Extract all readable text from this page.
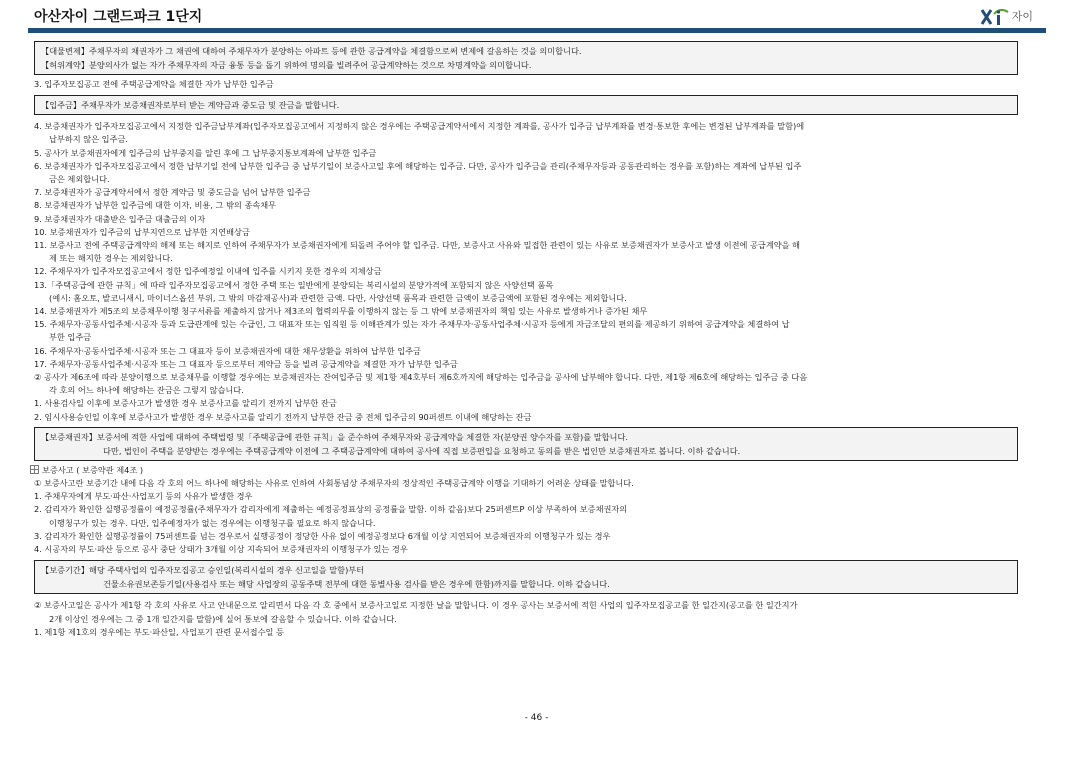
아산자이 그랜드파크 1단지	자이
【대물변제】주채무자의 채권자가 그 채권에 대하여 주채무자가 분양하는 아파트 등에 관한 공급계약을 체결함으로써 변제에 갈음하는 것을 의미합니다.
【허위계약】분양의사가 없는 자가 주채무자의 자금 융통 등을 돕기 위하여 명의를 빌려주어 공급계약하는 것으로 차명계약을 의미합니다.
3. 입주자모집공고 전에 주택공급계약을 체결한 자가 납부한 입주금
【입주금】주채무자가 보증채권자로부터 받는 계약금과 중도금 및 잔금을 말합니다.
4. 보증채권자가 입주자모집공고에서 지정한 입주금납부계좌(입주자모집공고에서 지정하지 않은 경우에는 주택공급계약서에서 지정한 계좌를, 공사가 입주금 납부계좌를 변경·통보한 후에는 변경된 납부계좌를 말함)에
납부하지 않은 입주금.
5. 공사가 보증채권자에게 입주금의 납부중지를 알린 후에 그 납부중지통보계좌에 납부한 입주금
6. 보증채권자가 입주자모집공고에서 정한 납부기일 전에 납부한 입주금 중 납부기일이 보증사고일 후에 해당하는 입주금. 다만, 공사가 입주금을 관리(주채무자등과 공동관리하는 경우를 포함)하는 계좌에 납부된 입주
금은 제외합니다.
7. 보증채권자가 공급계약서에서 정한 계약금 및 중도금을 넘어 납부한 입주금
8. 보증채권자가 납부한 입주금에 대한 이자, 비용, 그 밖의 종속채무
9. 보증채권자가 대출받은 입주금 대출금의 이자
10. 보증채권자가 입주금의 납부지연으로 납부한 지연배상금
11. 보증사고 전에 주택공급계약의 해제 또는 해지로 인하여 주채무자가 보증채권자에게 되돌려 주어야 할 입주금. 다만, 보증사고 사유와 밀접한 관련이 있는 사유로 보증채권자가 보증사고 발생 이전에 공급계약을 해
제 또는 해지한 경우는 제외합니다.
12. 주채무자가 입주자모집공고에서 정한 입주예정일 이내에 입주를 시키지 못한 경우의 지체상금
13.「주택공급에 관한 규칙」에 따라 입주자모집공고에서 정한 주택 또는 일반에게 분양되는 복리시설의 분양가격에 포함되지 않은 사양선택 품목
(예시: 홈오토, 발코니새시, 마이너스옵션 부위, 그 밖의 마감재공사)과 관련한 금액. 다만, 사양선택 품목과 관련한 금액이 보증금액에 포함된 경우에는 제외합니다.
14. 보증채권자가 제5조의 보증채무이행 청구서류를 제출하지 않거나 제3조의 협력의무를 이행하지 않는 등 그 밖에 보증채권자의 책임 있는 사유로 발생하거나 증가된 채무
15. 주채무자·공동사업주체·시공자 등과 도급관계에 있는 수급인, 그 대표자 또는 임직원 등 이해관계가 있는 자가 주채무자·공동사업주체·시공자 등에게 자금조달의 편의를 제공하기 위하여 공급계약을 체결하여 납
부한 입주금
16. 주채무자·공동사업주체·시공자 또는 그 대표자 등이 보증채권자에 대한 채무상환을 위하여 납부한 입주금
17. 주채무자·공동사업주체·시공자 또는 그 대표자 등으로부터 계약금 등을 빌려 공급계약을 체결한 자가 납부한 입주금
② 공사가 제6조에 따라 분양이행으로 보증채무를 이행할 경우에는 보증채권자는 잔여입주금 및 제1항 제4호부터 제6호까지에 해당하는 입주금을 공사에 납부해야 합니다. 다만, 제1항 제6호에 해당하는 입주금 중 다음
각 호의 어느 하나에 해당하는 잔금은 그렇지 않습니다.
1. 사용검사일 이후에 보증사고가 발생한 경우 보증사고를 알리기 전까지 납부한 잔금
2. 임시사용승인일 이후에 보증사고가 발생한 경우 보증사고를 알리기 전까지 납부한 잔금 중 전체 입주금의 90퍼센트 이내에 해당하는 잔금
【보증채권자】보증서에 적한 사업에 대하여 주택법령 및「주택공급에 관한 규칙」을 준수하여 주채무자와 공급계약을 체결한 자(분양권 양수자를 포함)를 말합니다.
다만, 법인이 주택을 분양받는 경우에는 주택공급계약 이전에 그 주택공급계약에 대하여 공사에 직접 보증편입을 요청하고 동의를 받은 법인만 보증채권자로 봅니다. 이하 같습니다.
보증사고 ( 보증약관 제4조 )
① 보증사고란 보증기간 내에 다음 각 호의 어느 하나에 해당하는 사유로 인하여 사회통념상 주채무자의 정상적인 주택공급계약 이행을 기대하기 어려운 상태를 말합니다.
1. 주채무자에게 부도·파산·사업포기 등의 사유가 발생한 경우
2. 감리자가 확인한 실행공정률이 예정공정률(주채무자가 감리자에게 제출하는 예정공정표상의 공정률을 말함. 이하 같음)보다 25퍼센트P 이상 부족하여 보증채권자의
이행청구가 있는 경우. 다만, 입주예정자가 없는 경우에는 이행청구를 필요로 하지 않습니다.
3. 감리자가 확인한 실행공정률이 75퍼센트를 넘는 경우로서 실행공정이 정당한 사유 없이 예정공정보다 6개월 이상 지연되어 보증채권자의 이행청구가 있는 경우
4. 시공자의 부도·파산 등으로 공사 중단 상태가 3개월 이상 지속되어 보증채권자의 이행청구가 있는 경우
【보증기간】해당 주택사업의 입주자모집공고 승인일(복리시설의 경우 신고일을 말함)부터
건물소유권보존등기일(사용검사 또는 해당 사업장의 공동주택 전부에 대한 동별사용 검사를 받은 경우에 한함)까지를 말합니다. 이하 같습니다.
② 보증사고일은 공사가 제1항 각 호의 사유로 사고 안내문으로 알리면서 다음 각 호 중에서 보증사고일로 지정한 날을 말합니다. 이 경우 공사는 보증서에 적힌 사업의 입주자모집공고를 한 일간지(공고를 한 일간지가
2개 이상인 경우에는 그 중 1개 일간지를 말함)에 실어 통보에 갈음할 수 있습니다. 이하 같습니다.
1. 제1항 제1호의 경우에는 부도·파산일, 사업포기 관련 문서접수일 등
- 46 -
